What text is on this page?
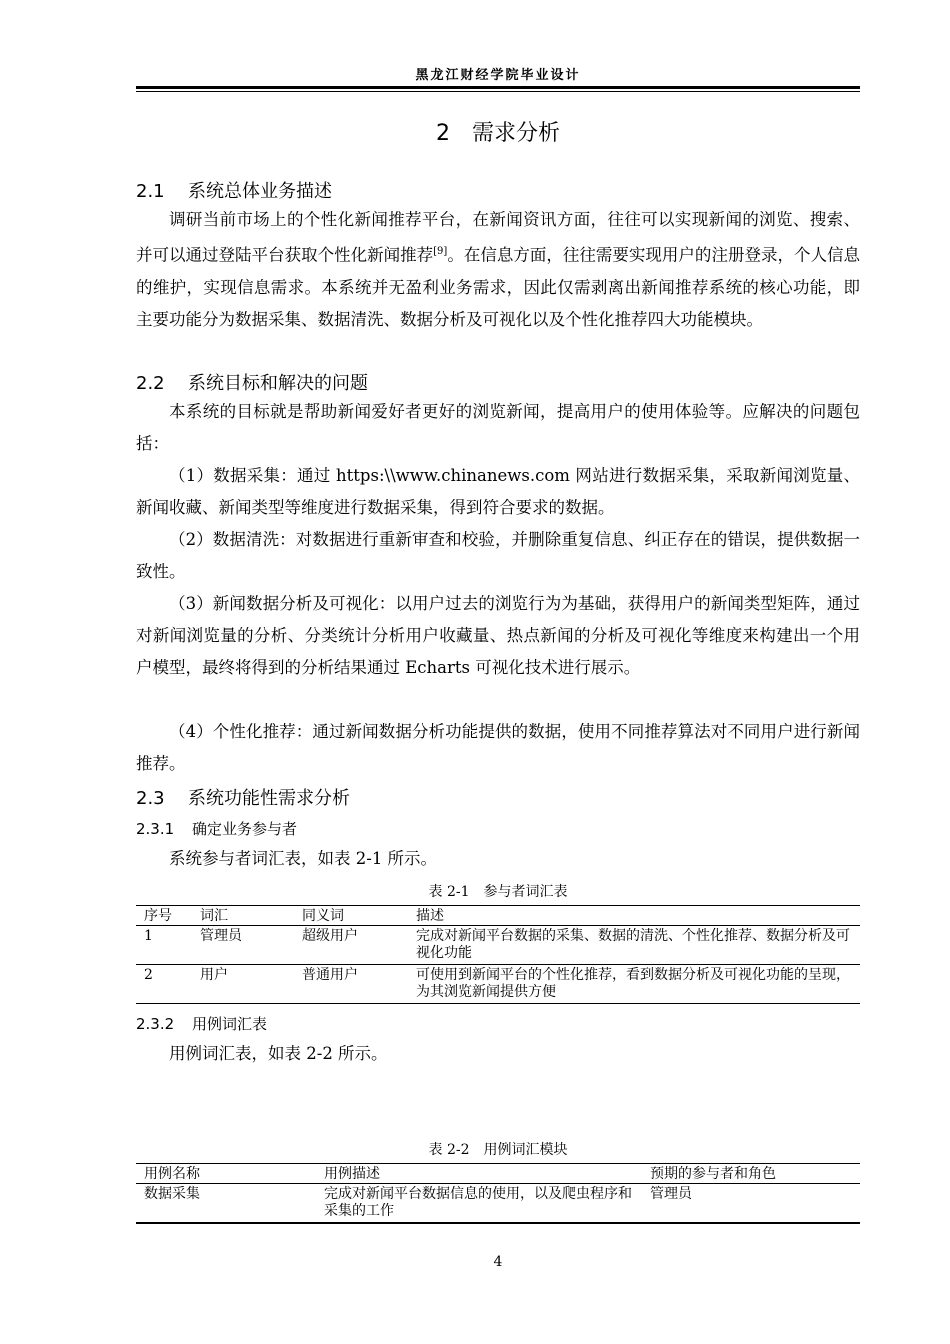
黑龙江财经学院毕业设计
2 需求分析
2.1 系统总体业务描述

调研当前市场上的个性化新闻推荐平台，在新闻资讯方面，往往可以实现新闻的浏览、搜索、并可以通过登陆平台获取个性化新闻推荐[9]。在信息方面，往往需要实现用户的注册登录，个人信息的维护，实现信息需求。本系统并无盈利业务需求，因此仅需剥离出新闻推荐系统的核心功能，即主要功能分为数据采集、数据清洗、数据分析及可视化以及个性化推荐四大功能模块。

2.2 系统目标和解决的问题

本系统的目标就是帮助新闻爱好者更好的浏览新闻，提高用户的使用体验等。应解决的问题包括：

（1）数据采集：通过 https:\\www.chinanews.com 网站进行数据采集，采取新闻浏览量、新闻收藏、新闻类型等维度进行数据采集，得到符合要求的数据。

（2）数据清洗：对数据进行重新审查和校验，并删除重复信息、纠正存在的错误，提供数据一致性。

（3）新闻数据分析及可视化：以用户过去的浏览行为为基础，获得用户的新闻类型矩阵，通过对新闻浏览量的分析、分类统计分析用户收藏量、热点新闻的分析及可视化等维度来构建出一个用户模型，最终将得到的分析结果通过 Echarts 可视化技术进行展示。

（4）个性化推荐：通过新闻数据分析功能提供的数据，使用不同推荐算法对不同用户进行新闻推荐。

2.3 系统功能性需求分析
2.3.1 确定业务参与者

系统参与者词汇表，如表 2-1 所示。

表 2-1　参与者词汇表
序号	词汇	同义词	描述
1	管理员	超级用户	完成对新闻平台数据的采集、数据的清洗、个性化推荐、数据分析及可视化功能
2	用户	普通用户	可使用到新闻平台的个性化推荐，看到数据分析及可视化功能的呈现，为其浏览新闻提供方便
2.3.2 用例词汇表

用例词汇表，如表 2-2 所示。

表 2-2　用例词汇模块
用例名称	用例描述	预期的参与者和角色
数据采集	完成对新闻平台数据信息的使用，以及爬虫程序和采集的工作	管理员
4
